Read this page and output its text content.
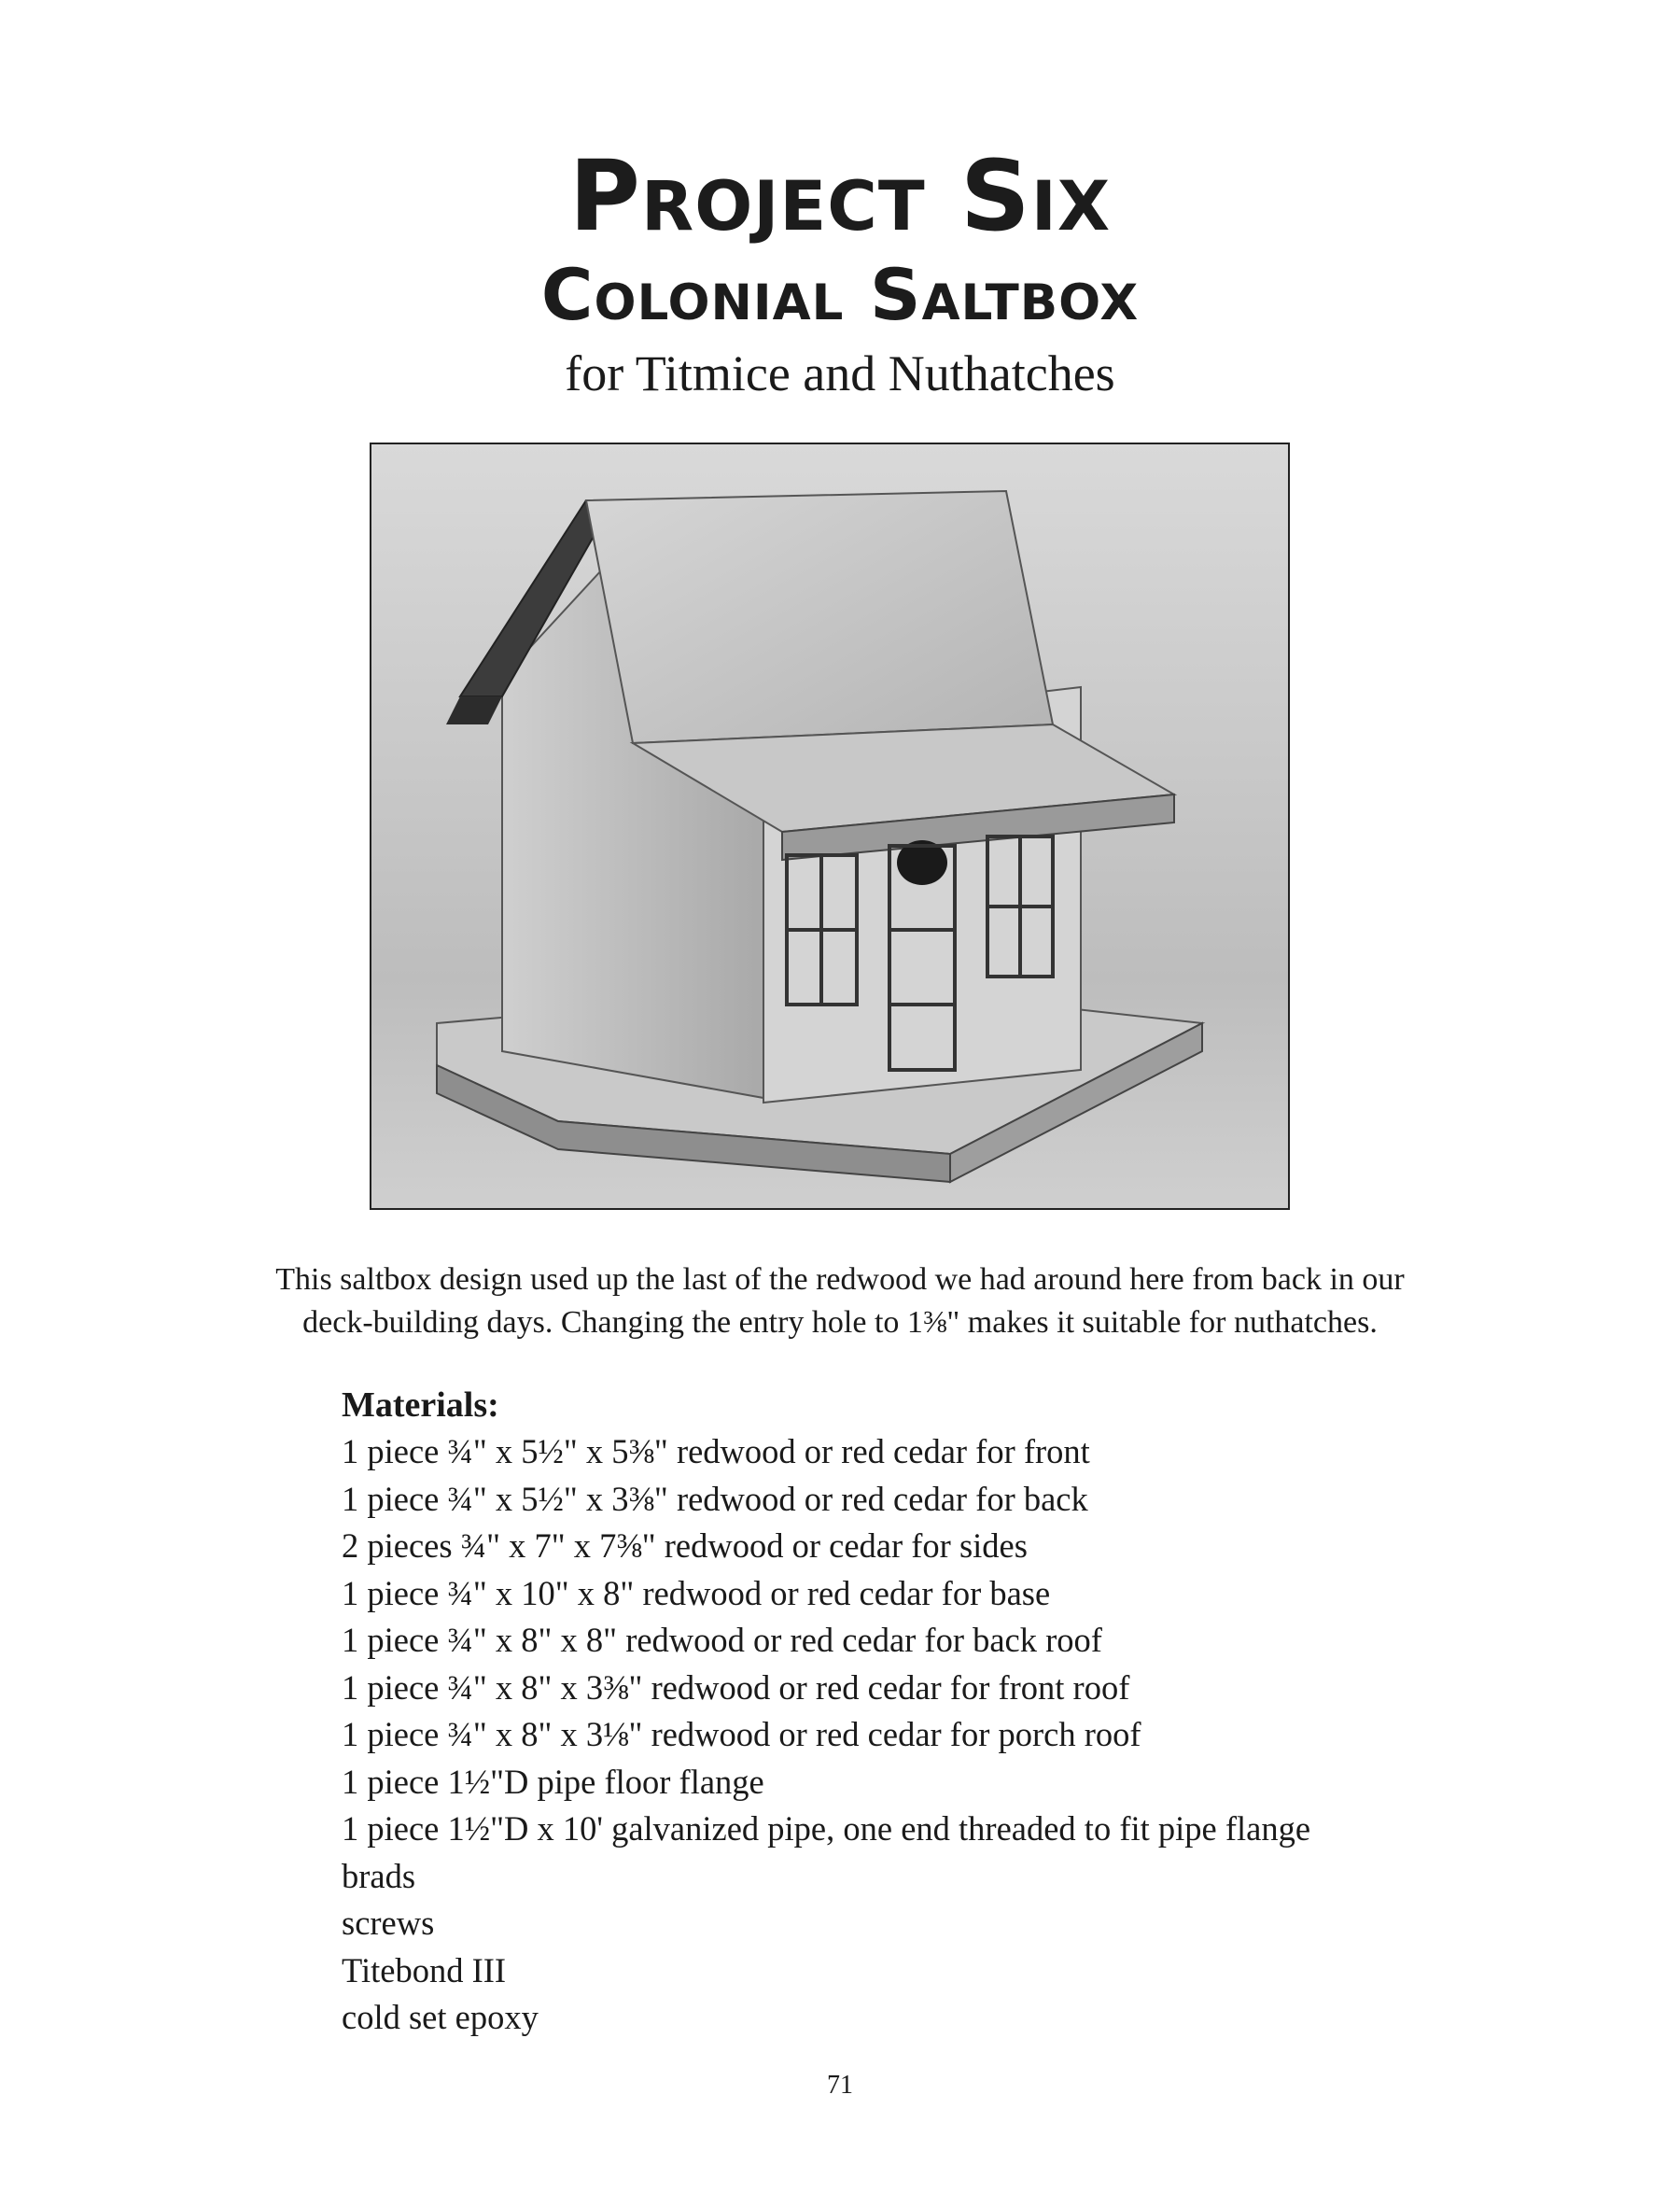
Project Six
Colonial Saltbox
for Titmice and Nuthatches
This saltbox design used up the last of the redwood we had around here from back in our
deck-building days. Changing the entry hole to 1⅜" makes it suitable for nuthatches.
Materials:
1 piece ¾" x 5½" x 5⅜" redwood or red cedar for front
1 piece ¾" x 5½" x 3⅜" redwood or red cedar for back
2 pieces ¾" x 7" x 7⅜" redwood or cedar for sides
1 piece ¾" x 10" x 8" redwood or red cedar for base
1 piece ¾" x 8" x 8" redwood or red cedar for back roof
1 piece ¾" x 8" x 3⅜" redwood or red cedar for front roof
1 piece ¾" x 8" x 3⅛" redwood or red cedar for porch roof
1 piece 1½"D pipe floor flange
1 piece 1½"D x 10' galvanized pipe, one end threaded to fit pipe flange
brads
screws
Titebond III
cold set epoxy
71
